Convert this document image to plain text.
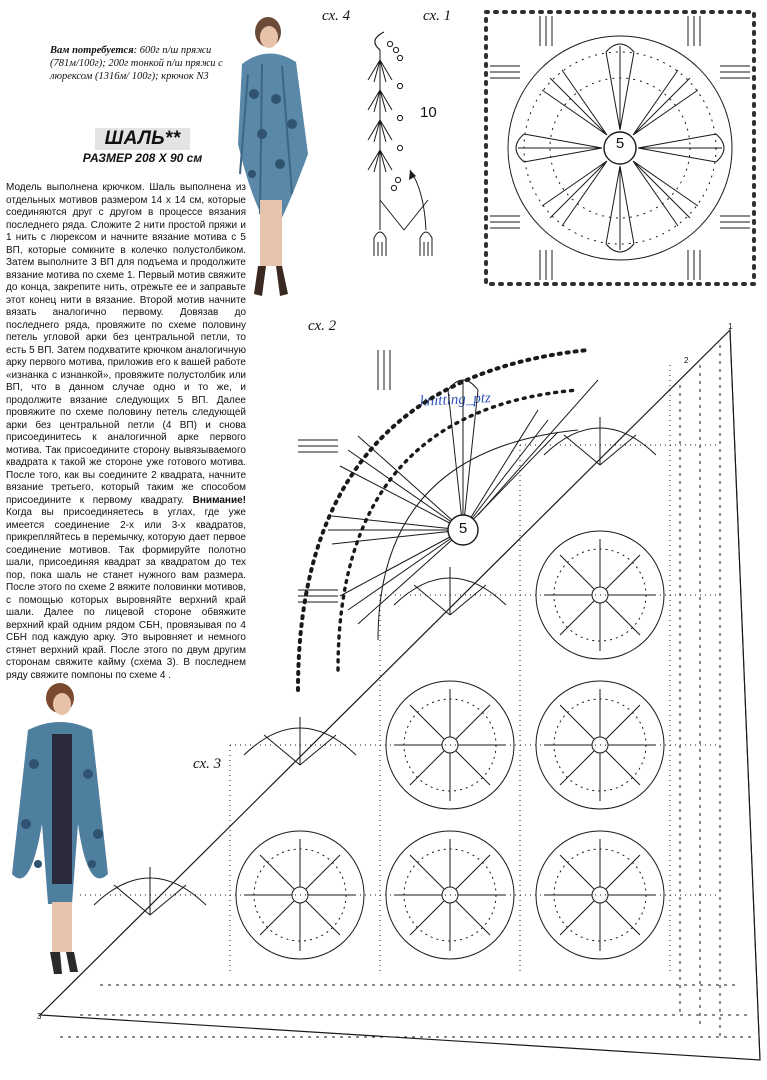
Вам потребуется: 600г п/ш пряжи (781м/100г); 200г тонкой п/ш пряжи с люрексом (1316м/ 100г); крючок N3
ШАЛЬ**
РАЗМЕР 208 Х 90 см
Модель выполнена крючком. Шаль выполнена из отдельных мотивов размером 14 х 14 см, которые соединяются друг с другом в процессе вязания последнего ряда. Сложите 2 нити простой пряжи и 1 нить с люрексом и начните вязание мотива с 5 ВП, которые сомкните в колечко полустолбиком. Затем выполните 3 ВП для подъема и продолжите вязание мотива по схеме 1. Первый мотив свяжите до конца, закрепите нить, отрежьте ее и заправьте этот конец нити в вязание. Второй мотив начните вязать аналогично первому. Довязав до последнего ряда, провяжите по схеме половину петель угловой арки без центральной петли, то есть 5 ВП. Затем подхватите крючком аналогичную арку первого мотива, приложив его к вашей работе «изнанка с изнанкой», провяжите полустолбик или ВП, что в данном случае одно и то же, и продолжите вязание следующих 5 ВП. Далее провяжите по схеме половину петель следующей арки без центральной петли (4 ВП) и снова присоединитесь к аналогичной арке первого мотива. Так присоедините сторону вывязываемого квадрата к такой же стороне уже готового мотива. После того, как вы соедините 2 квадрата, начните вязание третьего, который таким же способом присоедините к первому квадрату. Внимание! Когда вы присоединяетесь в углах, где уже имеется соединение 2-х или 3-х квадратов, прикрепляйтесь в перемычку, которую дает первое соединение мотивов. Так формируйте полотно шали, присоединяя квадрат за квадратом до тех пор, пока шаль не станет нужного вам размера. После этого по схеме 2 вяжите половинки мотивов, с помощью которых выровняйте верхний край шали. Далее по лицевой стороне обвяжите верхний край одним рядом СБН, провязывая по 4 СБН под каждую арку. Это выровняет и немного стянет верхний край. После этого по двум другим сторонам свяжите кайму (схема 3). В последнем ряду свяжите помпоны по схеме 4 .
сх. 4	сх. 1
сх. 2
сх. 3
10
knitting_ptz
5
5
1
2
3
